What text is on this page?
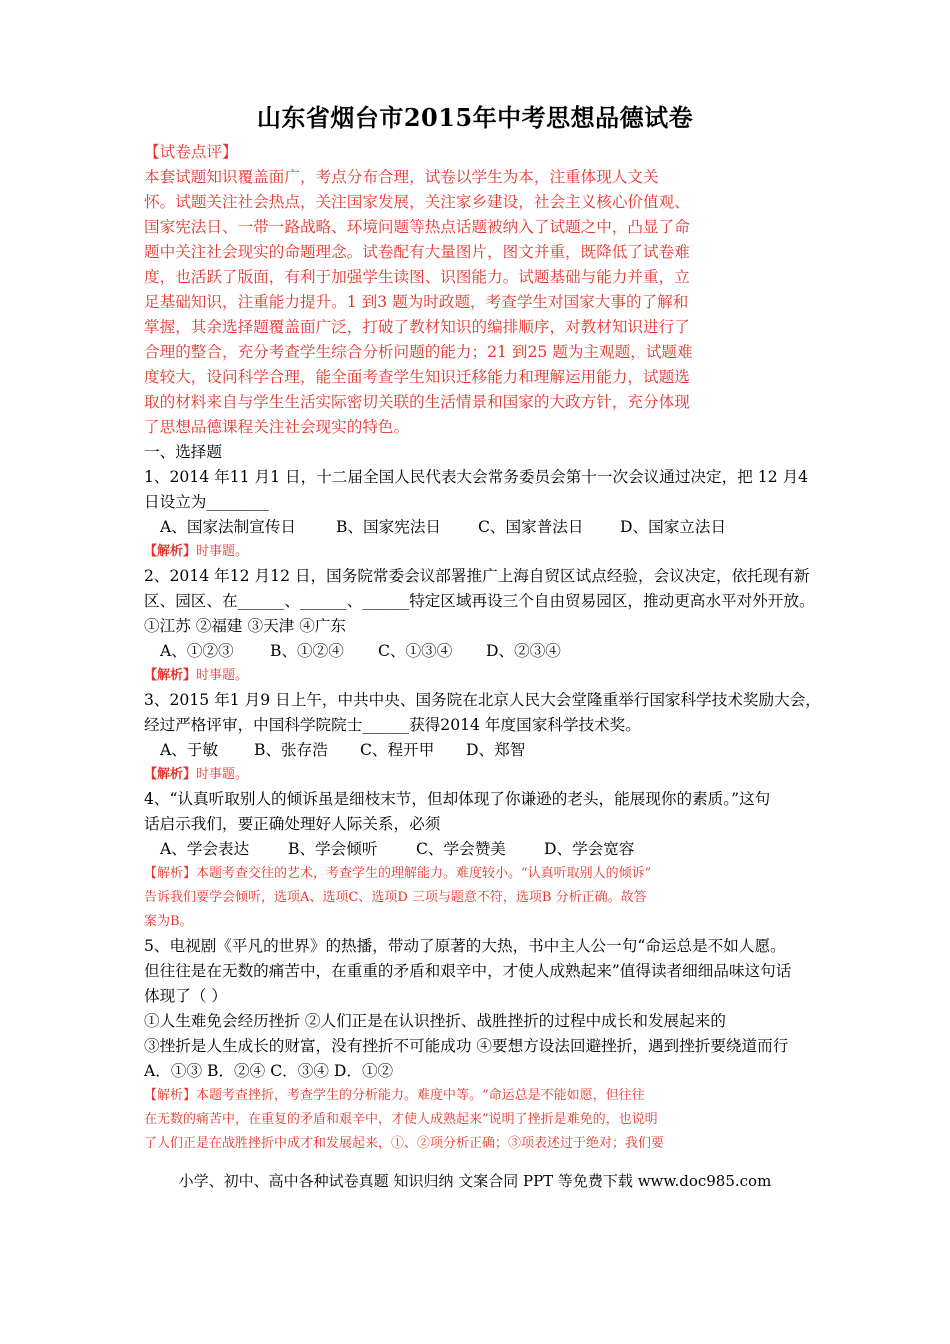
山东省烟台市2015年中考思想品德试卷
【试卷点评】
本套试题知识覆盖面广，考点分布合理，试卷以学生为本，注重体现人文关
怀。试题关注社会热点，关注国家发展，关注家乡建设，社会主义核心价值观、
国家宪法日、一带一路战略、环境问题等热点话题被纳入了试题之中，凸显了命
题中关注社会现实的命题理念。试卷配有大量图片，图文并重，既降低了试卷难
度，也活跃了版面，有利于加强学生读图、识图能力。试题基础与能力并重，立
足基础知识，注重能力提升。1 到3 题为时政题，考查学生对国家大事的了解和
掌握，其余选择题覆盖面广泛，打破了教材知识的编排顺序，对教材知识进行了
合理的整合，充分考查学生综合分析问题的能力；21 到25 题为主观题，试题难
度较大，设问科学合理，能全面考查学生知识迁移能力和理解运用能力，试题选
取的材料来自与学生生活实际密切关联的生活情景和国家的大政方针，充分体现
了思想品德课程关注社会现实的特色。
一、选择题
1、2014 年11 月1 日，十二届全国人民代表大会常务委员会第十一次会议通过决定，把 12 月4
日设立为________
A、国家法制宣传日	B、国家宪法日 C、国家普法日 D、国家立法日
【解析】时事题。
2、2014 年12 月12 日，国务院常委会议部署推广上海自贸区试点经验，会议决定，依托现有新
区、园区、在______、______、______特定区域再设三个自由贸易园区，推动更高水平对外开放。
①江苏 ②福建 ③天津 ④广东
A、①②③ B、①②④ C、①③④ D、②③④
【解析】时事题。
3、2015 年1 月9 日上午，中共中央、国务院在北京人民大会堂隆重举行国家科学技术奖励大会，
经过严格评审，中国科学院院士______获得2014 年度国家科学技术奖。
A、于敏 B、张存浩 C、程开甲 D、郑智
【解析】时事题。
4、“认真听取别人的倾诉虽是细枝末节，但却体现了你谦逊的老头，能展现你的素质。”这句
话启示我们，要正确处理好人际关系，必须
A、学会表达 B、学会倾听 C、学会赞美 D、学会宽容
【解析】本题考查交往的艺术，考查学生的理解能力。难度较小。“认真听取别人的倾诉”
告诉我们要学会倾听，选项A、选项C、选项D 三项与题意不符，选项B 分析正确。故答
案为B。
5、电视剧《平凡的世界》的热播，带动了原著的大热，书中主人公一句“命运总是不如人愿。
但往往是在无数的痛苦中，在重重的矛盾和艰辛中，才使人成熟起来”值得读者细细品味这句话
体现了（ ）
①人生难免会经历挫折 ②人们正是在认识挫折、战胜挫折的过程中成长和发展起来的
③挫折是人生成长的财富，没有挫折不可能成功 ④要想方设法回避挫折，遇到挫折要绕道而行
A．①③ B．②④ C．③④ D．①②
【解析】本题考查挫折，考查学生的分析能力。难度中等。“命运总是不能如愿，但往往
在无数的痛苦中，在重复的矛盾和艰辛中，才使人成熟起来”说明了挫折是难免的，也说明
了人们正是在战胜挫折中成才和发展起来，①、②项分析正确；③项表述过于绝对；我们要
小学、初中、高中各种试卷真题 知识归纳 文案合同 PPT 等免费下载 www.doc985.com
